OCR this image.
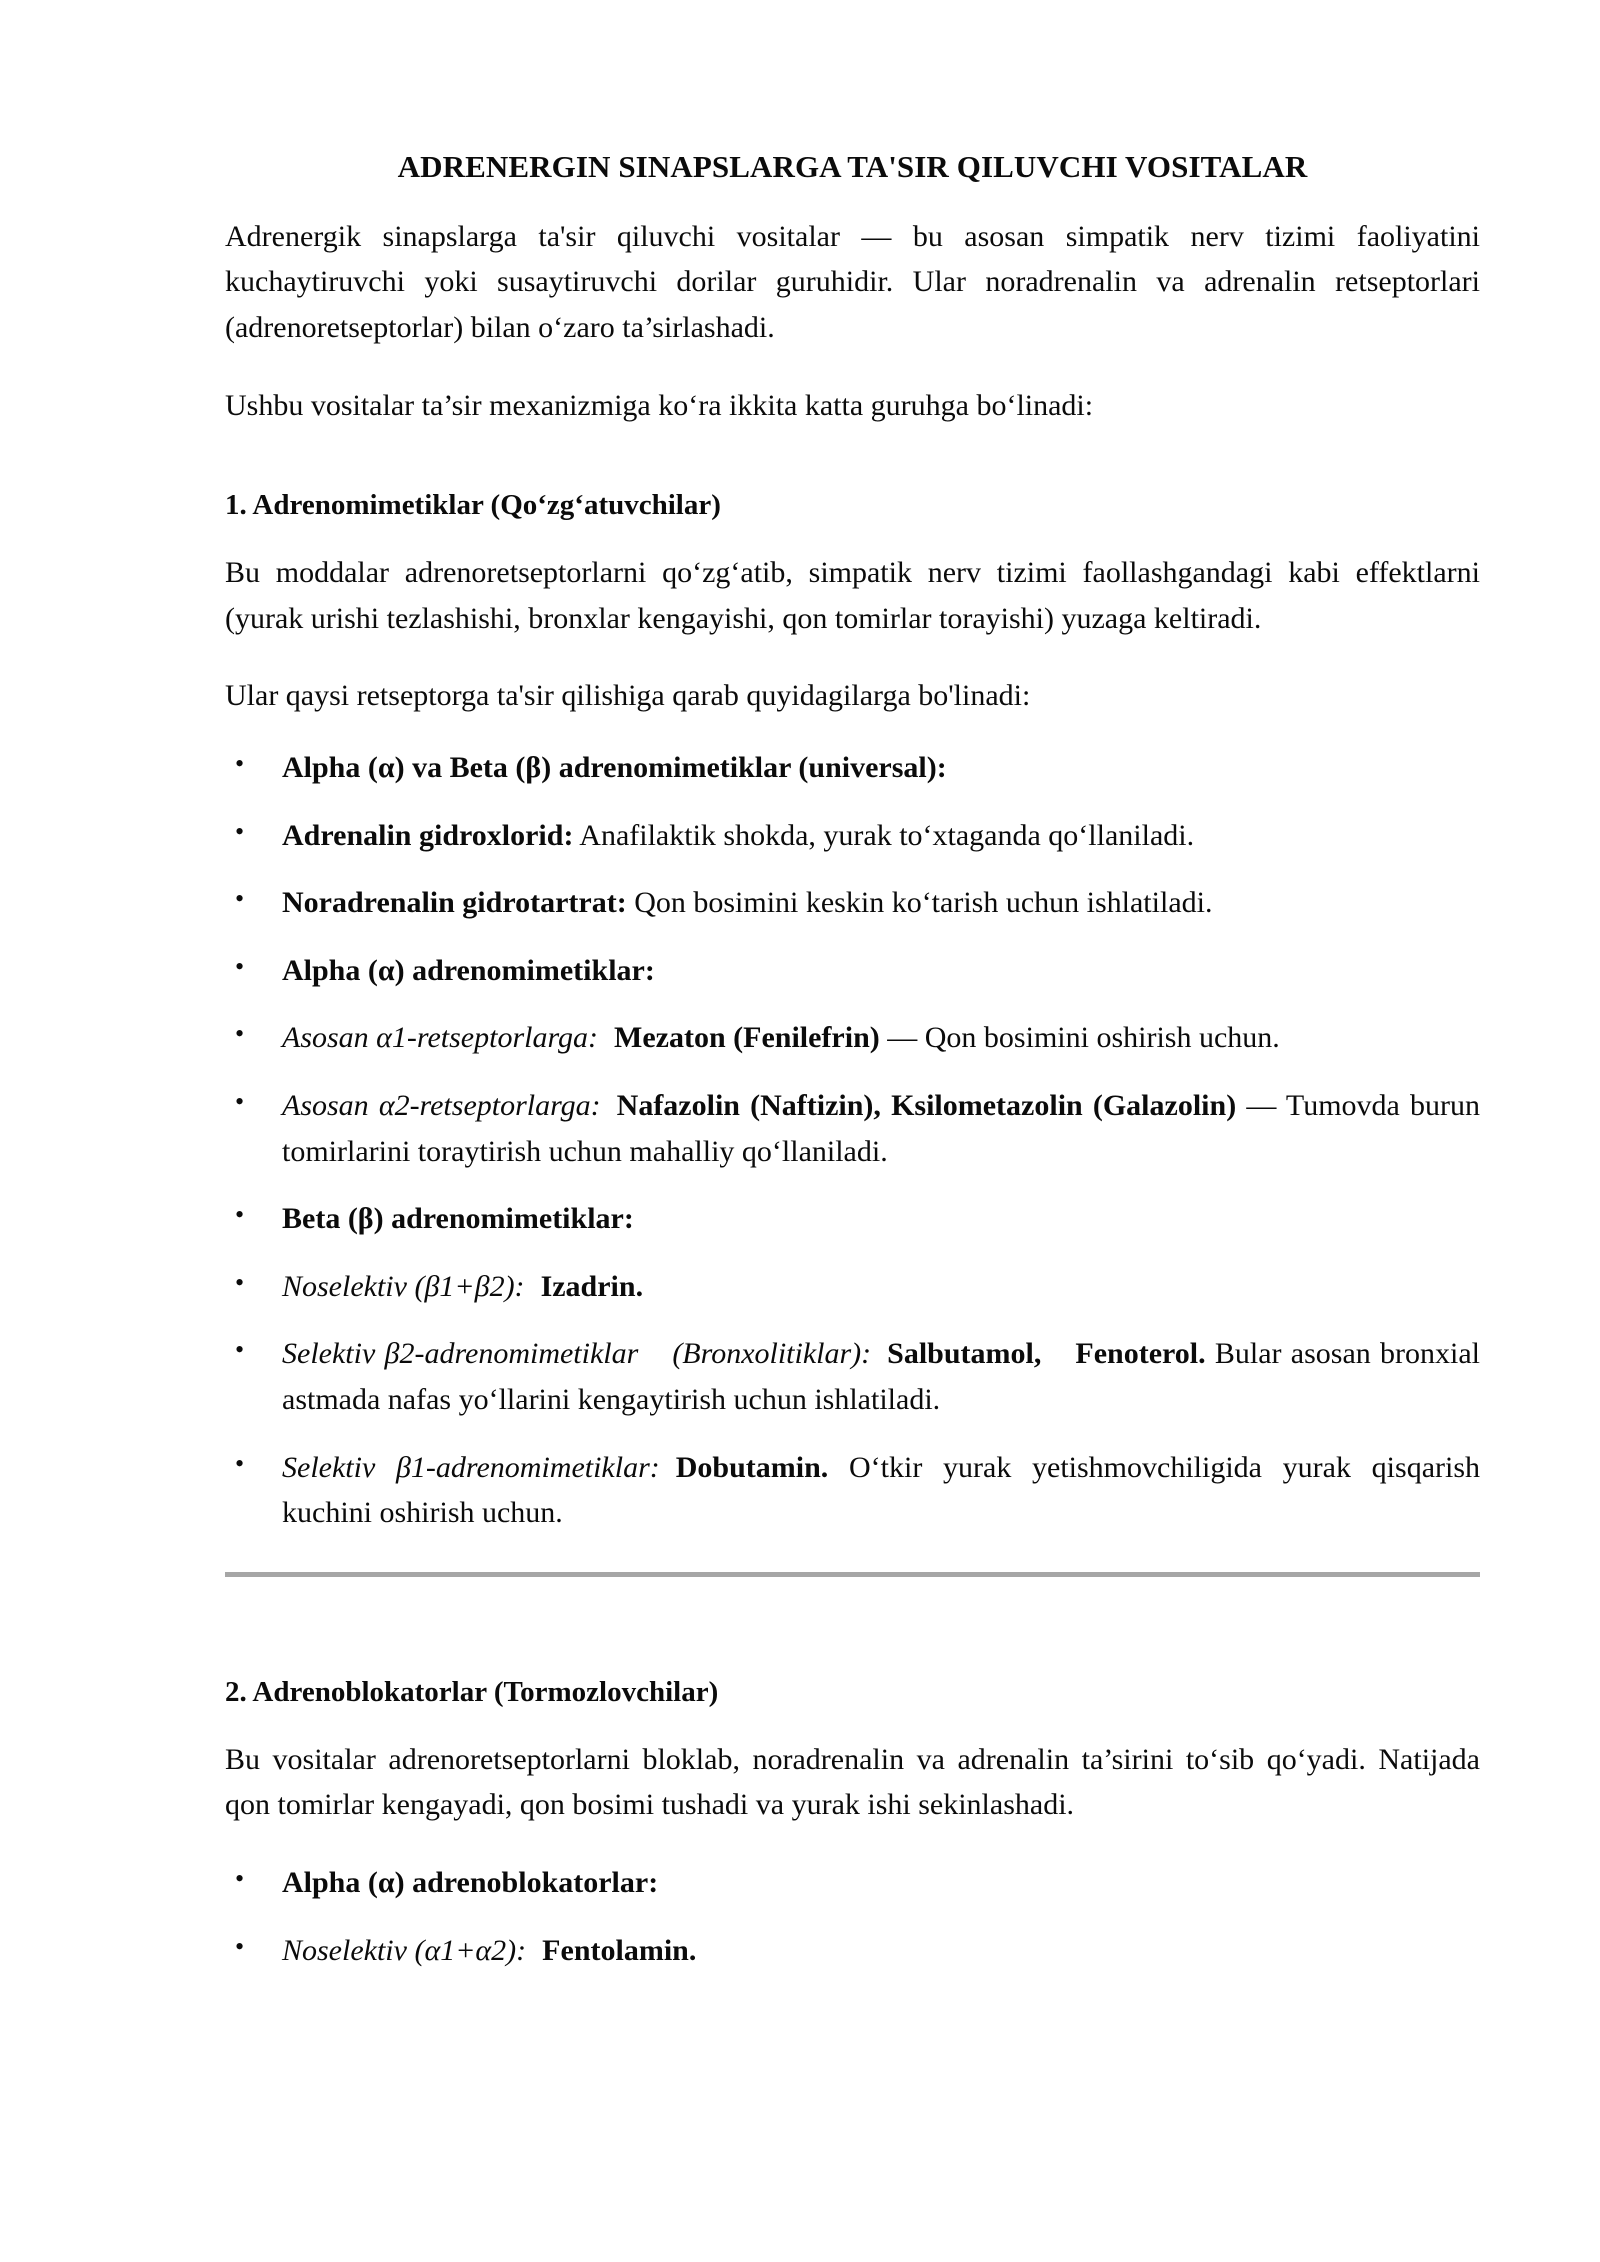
ADRENERGIN SINAPSLARGA TA'SIR QILUVCHI VOSITALAR

Adrenergik sinapslarga ta'sir qiluvchi vositalar — bu asosan simpatik nerv tizimi faoliyatini kuchaytiruvchi yoki susaytiruvchi dorilar guruhidir. Ular noradrenalin va adrenalin retseptorlari (adrenoretseptorlar) bilan o‘zaro ta’sirlashadi.

Ushbu vositalar ta’sir mexanizmiga ko‘ra ikkita katta guruhga bo‘linadi:

1. Adrenomimetiklar (Qo‘zg‘atuvchilar)

Bu moddalar adrenoretseptorlarni qo‘zg‘atib, simpatik nerv tizimi faollashgandagi kabi effektlarni (yurak urishi tezlashishi, bronxlar kengayishi, qon tomirlar torayishi) yuzaga keltiradi.

Ular qaysi retseptorga ta'sir qilishiga qarab quyidagilarga bo'linadi:

• Alpha (α) va Beta (β) adrenomimetiklar (universal):
• Adrenalin gidroxlorid: Anafilaktik shokda, yurak to‘xtaganda qo‘llaniladi.
• Noradrenalin gidrotartrat: Qon bosimini keskin ko‘tarish uchun ishlatiladi.
• Alpha (α) adrenomimetiklar:
• Asosan α1-retseptorlarga: Mezaton (Fenilefrin) — Qon bosimini oshirish uchun.
• Asosan α2-retseptorlarga: Nafazolin (Naftizin), Ksilometazolin (Galazolin) — Tumovda burun tomirlarini toraytirish uchun mahalliy qo‘llaniladi.
• Beta (β) adrenomimetiklar:
• Noselektiv (β1+β2): Izadrin.
• Selektiv β2-adrenomimetiklar (Bronxolitiklar): Salbutamol, Fenoterol. Bular asosan bronxial astmada nafas yo‘llarini kengaytirish uchun ishlatiladi.
• Selektiv β1-adrenomimetiklar: Dobutamin. O‘tkir yurak yetishmovchiligida yurak qisqarish kuchini oshirish uchun.
2. Adrenoblokatorlar (Tormozlovchilar)

Bu vositalar adrenoretseptorlarni bloklab, noradrenalin va adrenalin ta’sirini to‘sib qo‘yadi. Natijada qon tomirlar kengayadi, qon bosimi tushadi va yurak ishi sekinlashadi.

• Alpha (α) adrenoblokatorlar:
• Noselektiv (α1+α2): Fentolamin.
